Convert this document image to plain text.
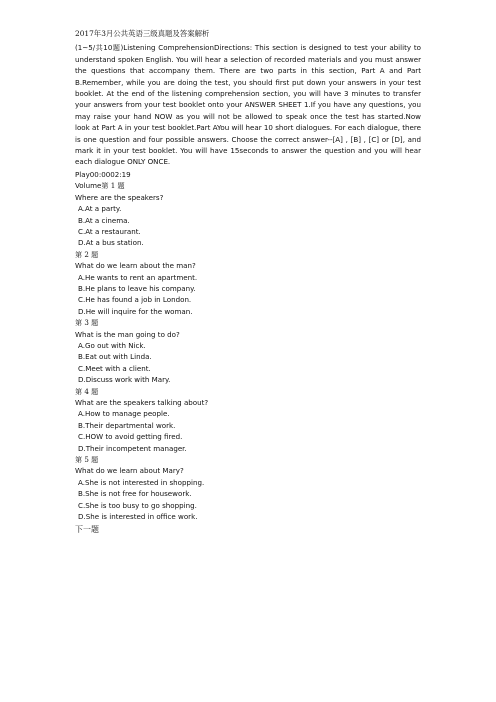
2017年3月公共英语三级真题及答案解析
(1~5/共10题)Listening ComprehensionDirections: This section is designed to test your ability to understand spoken English. You will hear a selection of recorded materials and you must answer the questions that accompany them. There are two parts in this section, Part A and Part B.Remember, while you are doing the test, you should first put down your answers in your test booklet. At the end of the listening comprehension section, you will have 3 minutes to transfer your answers from your test booklet onto your ANSWER SHEET 1.If you have any questions, you may raise your hand NOW as you will not be allowed to speak once the test has started.Now look at Part A in your test booklet.Part AYou will hear 10 short dialogues. For each dialogue, there is one question and four possible answers. Choose the correct answer--[A] , [B] , [C] or [D], and mark it in your test booklet. You will have 15seconds to answer the question and you will hear each dialogue ONLY ONCE.
Play00:0002:19
Volume第 1 题
Where are the speakers?
A.At a party.
B.At a cinema.
C.At a restaurant.
D.At a bus station.
第 2 题
What do we learn about the man?
A.He wants to rent an apartment.
B.He plans to leave his company.
C.He has found a job in London.
D.He will inquire for the woman.
第 3 题
What is the man going to do?
A.Go out with Nick.
B.Eat out with Linda.
C.Meet with a client.
D.Discuss work with Mary.
第 4 题
What are the speakers talking about?
A.How to manage people.
B.Their departmental work.
C.HOW to avoid getting fired.
D.Their incompetent manager.
第 5 题
What do we learn about Mary?
A.She is not interested in shopping.
B.She is not free for housework.
C.She is too busy to go shopping.
D.She is interested in office work.
下一题
